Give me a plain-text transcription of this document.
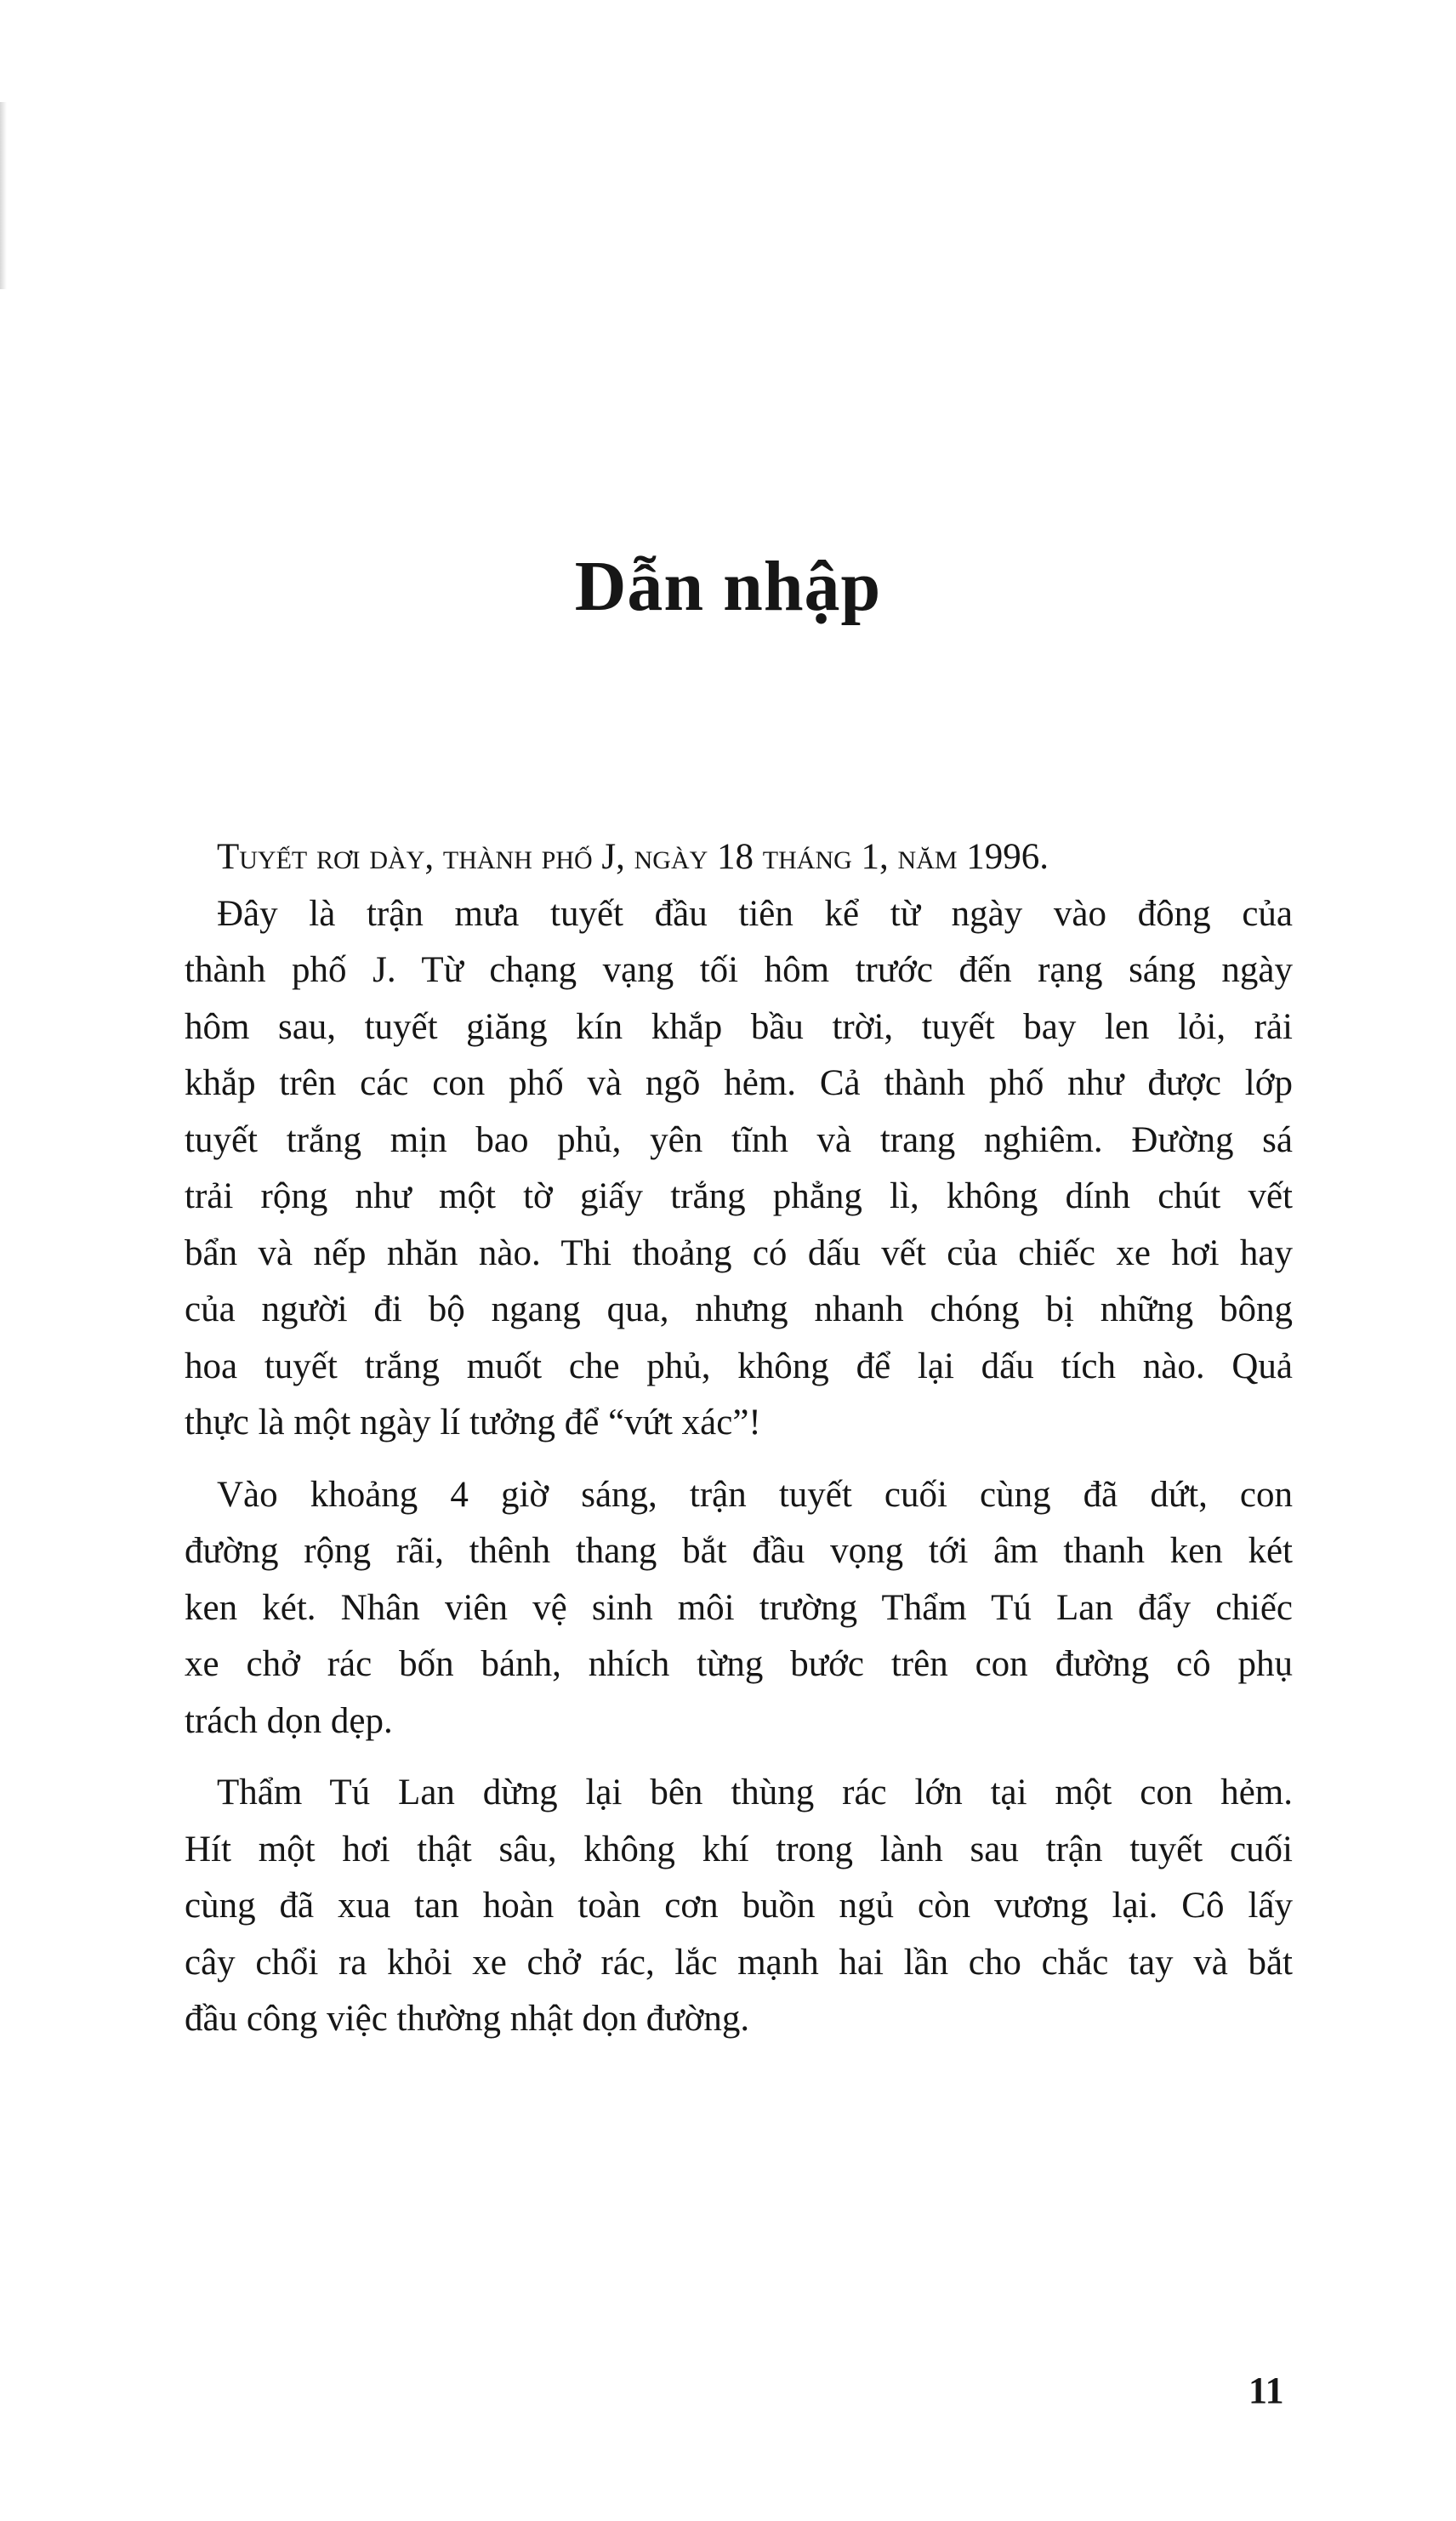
Dẫn nhập
Tuyết rơi dày, thành phố J, ngày 18 tháng 1, năm 1996.
Đây là trận mưa tuyết đầu tiên kể từ ngày vào đông của
thành phố J. Từ chạng vạng tối hôm trước đến rạng sáng ngày
hôm sau, tuyết giăng kín khắp bầu trời, tuyết bay len lỏi, rải
khắp trên các con phố và ngõ hẻm. Cả thành phố như được lớp
tuyết trắng mịn bao phủ, yên tĩnh và trang nghiêm. Đường sá
trải rộng như một tờ giấy trắng phẳng lì, không dính chút vết
bẩn và nếp nhăn nào. Thi thoảng có dấu vết của chiếc xe hơi hay
của người đi bộ ngang qua, nhưng nhanh chóng bị những bông
hoa tuyết trắng muốt che phủ, không để lại dấu tích nào. Quả
thực là một ngày lí tưởng để “vứt xác”!
Vào khoảng 4 giờ sáng, trận tuyết cuối cùng đã dứt, con
đường rộng rãi, thênh thang bắt đầu vọng tới âm thanh ken két
ken két. Nhân viên vệ sinh môi trường Thẩm Tú Lan đẩy chiếc
xe chở rác bốn bánh, nhích từng bước trên con đường cô phụ
trách dọn dẹp.
Thẩm Tú Lan dừng lại bên thùng rác lớn tại một con hẻm.
Hít một hơi thật sâu, không khí trong lành sau trận tuyết cuối
cùng đã xua tan hoàn toàn cơn buồn ngủ còn vương lại. Cô lấy
cây chổi ra khỏi xe chở rác, lắc mạnh hai lần cho chắc tay và bắt
đầu công việc thường nhật dọn đường.
11
